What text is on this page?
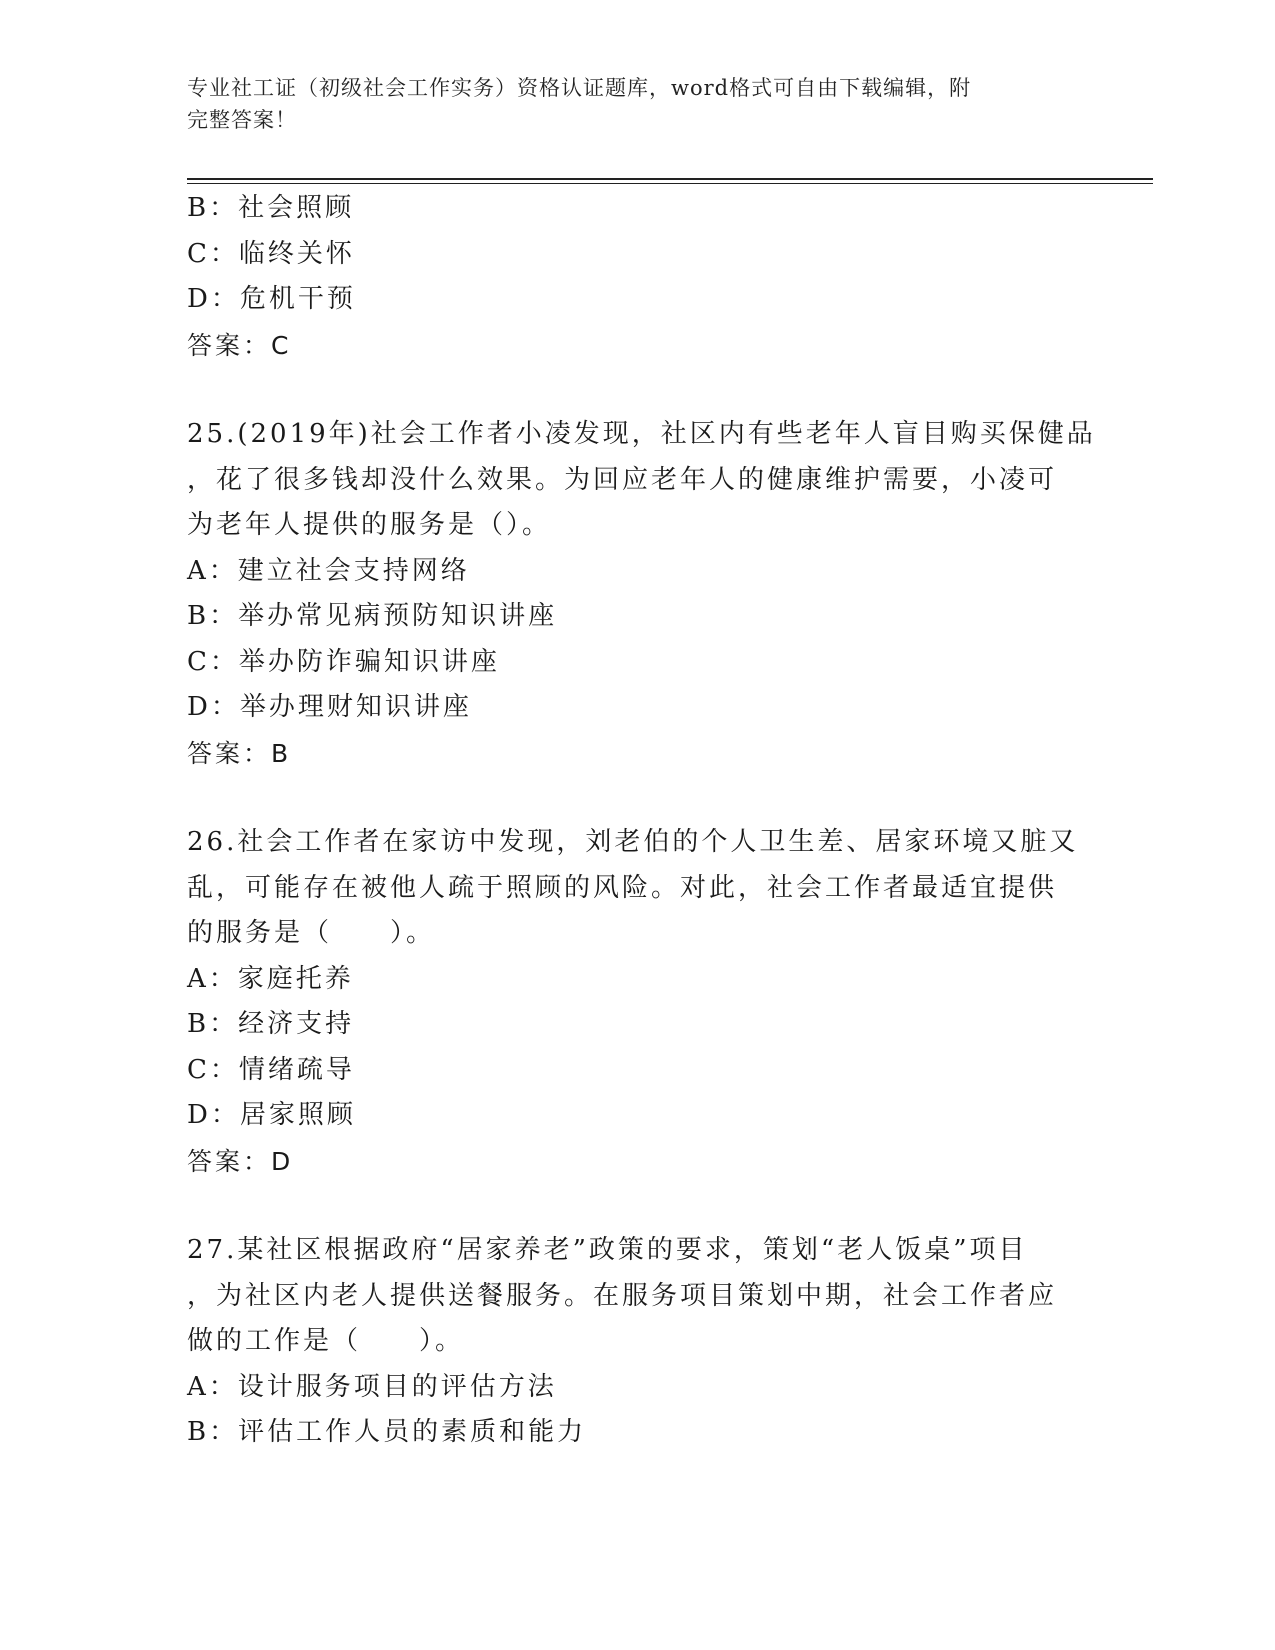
专业社工证（初级社会工作实务）资格认证题库，word格式可自由下载编辑，附
完整答案！
B：社会照顾
C：临终关怀
D：危机干预
答案：C
25.(2019年)社会工作者小凌发现，社区内有些老年人盲目购买保健品
，花了很多钱却没什么效果。为回应老年人的健康维护需要，小凌可
为老年人提供的服务是（）。
A：建立社会支持网络
B：举办常见病预防知识讲座
C：举办防诈骗知识讲座
D：举办理财知识讲座
答案：B
26.社会工作者在家访中发现，刘老伯的个人卫生差、居家环境又脏又
乱，可能存在被他人疏于照顾的风险。对此，社会工作者最适宜提供
的服务是（　　）。
A：家庭托养
B：经济支持
C：情绪疏导
D：居家照顾
答案：D
27.某社区根据政府“居家养老”政策的要求，策划“老人饭桌”项目
，为社区内老人提供送餐服务。在服务项目策划中期，社会工作者应
做的工作是（　　）。
A：设计服务项目的评估方法
B：评估工作人员的素质和能力
